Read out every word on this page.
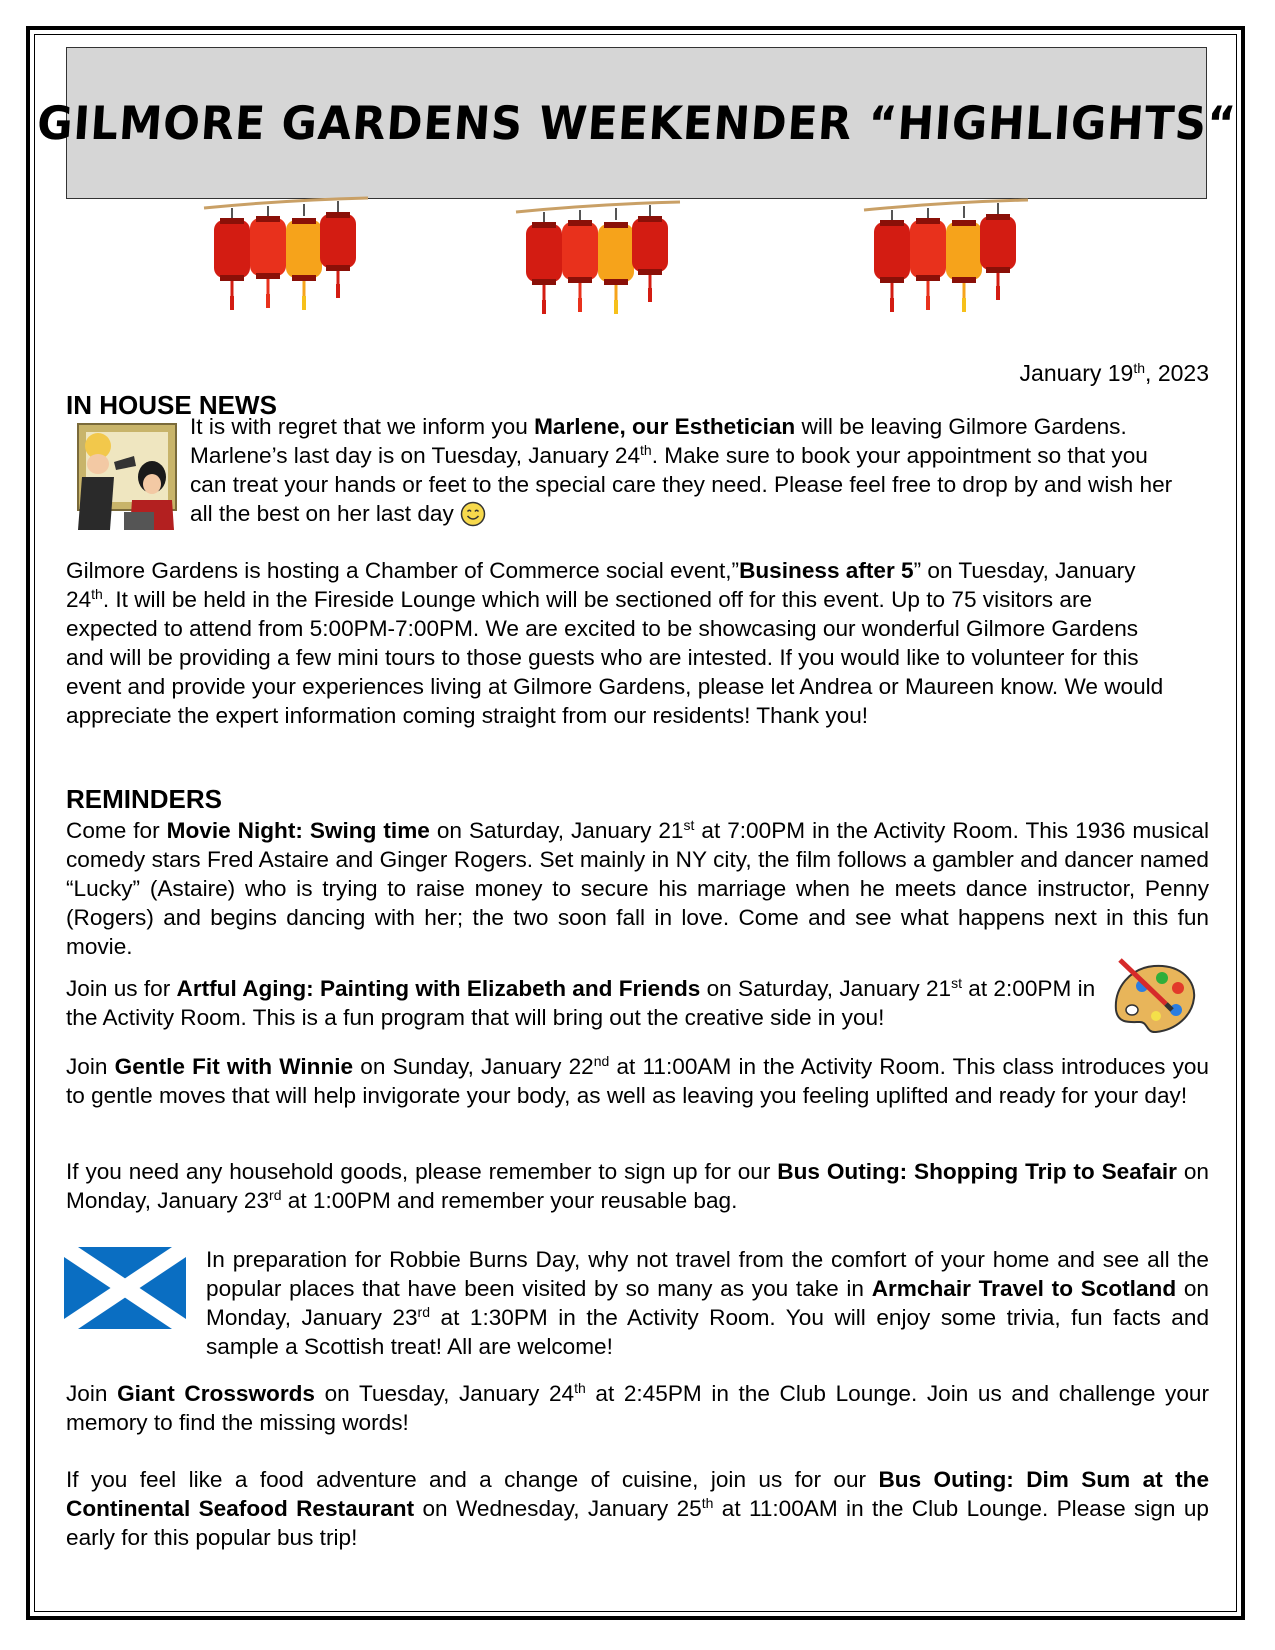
GILMORE GARDENS WEEKENDER “HIGHLIGHTS“
January 19th, 2023
IN HOUSE NEWS
It is with regret that we inform you Marlene, our Esthetician will be leaving Gilmore Gardens. Marlene’s last day is on Tuesday, January 24th. Make sure to book your appointment so that you can treat your hands or feet to the special care they need. Please feel free to drop by and wish her all the best on her last day
Gilmore Gardens is hosting a Chamber of Commerce social event,”Business after 5” on Tuesday, January 24th. It will be held in the Fireside Lounge which will be sectioned off for this event. Up to 75 visitors are expected to attend from 5:00PM-7:00PM. We are excited to be showcasing our wonderful Gilmore Gardens and will be providing a few mini tours to those guests who are intested. If you would like to volunteer for this event and provide your experiences living at Gilmore Gardens, please let Andrea or Maureen know. We would appreciate the expert information coming straight from our residents! Thank you!
REMINDERS
Come for Movie Night: Swing time on Saturday, January 21st at 7:00PM in the Activity Room. This 1936 musical comedy stars Fred Astaire and Ginger Rogers. Set mainly in NY city, the film follows a gambler and dancer named “Lucky” (Astaire) who is trying to raise money to secure his marriage when he meets dance instructor, Penny (Rogers) and begins dancing with her; the two soon fall in love. Come and see what happens next in this fun movie.
Join us for Artful Aging: Painting with Elizabeth and Friends on Saturday, January 21st at 2:00PM in the Activity Room. This is a fun program that will bring out the creative side in you!
Join Gentle Fit with Winnie on Sunday, January 22nd at 11:00AM in the Activity Room. This class introduces you to gentle moves that will help invigorate your body, as well as leaving you feeling uplifted and ready for your day!
If you need any household goods, please remember to sign up for our Bus Outing: Shopping Trip to Seafair on Monday, January 23rd at 1:00PM and remember your reusable bag.
In preparation for Robbie Burns Day, why not travel from the comfort of your home and see all the popular places that have been visited by so many as you take in Armchair Travel to Scotland on Monday, January 23rd at 1:30PM in the Activity Room. You will enjoy some trivia, fun facts and sample a Scottish treat! All are welcome!
Join Giant Crosswords on Tuesday, January 24th at 2:45PM in the Club Lounge. Join us and challenge your memory to find the missing words!
If you feel like a food adventure and a change of cuisine, join us for our Bus Outing: Dim Sum at the Continental Seafood Restaurant on Wednesday, January 25th at 11:00AM in the Club Lounge. Please sign up early for this popular bus trip!
